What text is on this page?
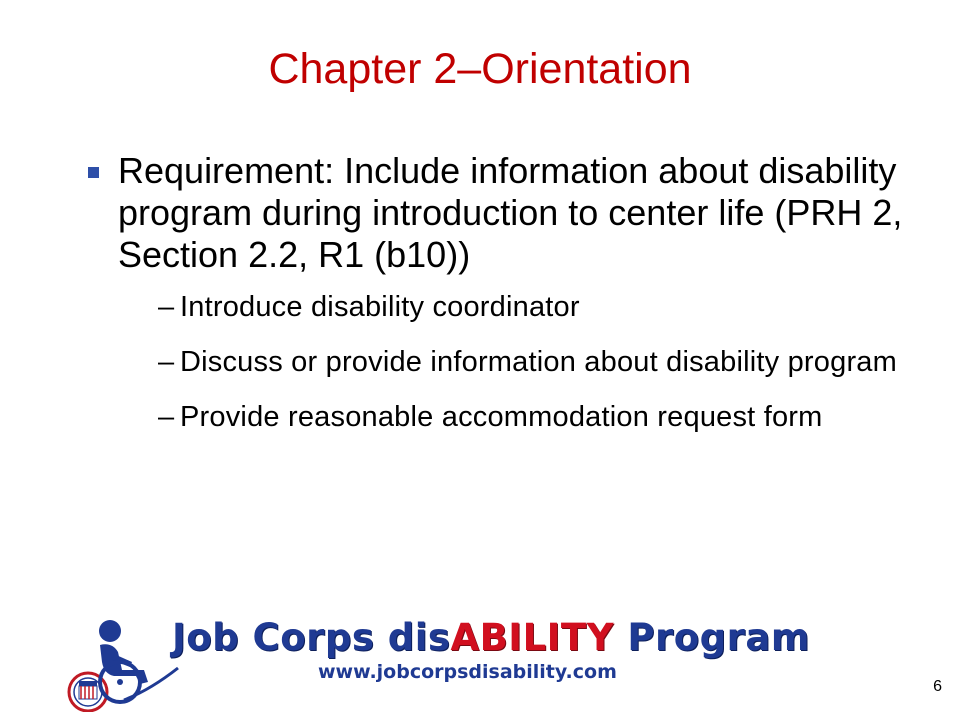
Chapter 2–Orientation
Requirement: Include information about disability program during introduction to center life (PRH 2, Section 2.2, R1 (b10))
– Introduce disability coordinator
– Discuss or provide information about disability program
– Provide reasonable accommodation request form
Job Corps disABILITY Program
www.jobcorpsdisability.com
6
